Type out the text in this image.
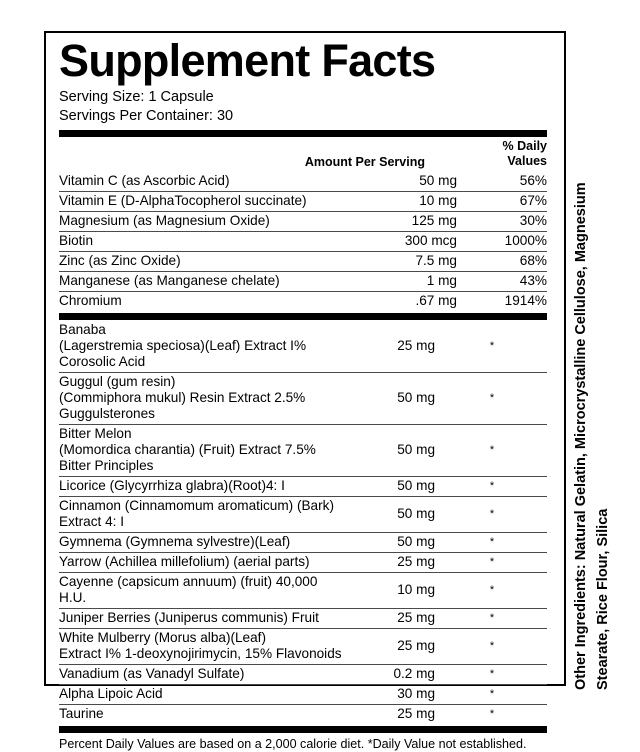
Supplement Facts
Serving Size: 1 Capsule
Servings Per Container: 30
Amount Per Serving
% Daily
Values
Vitamin C (as Ascorbic Acid)	50 mg	56%
Vitamin E (D-AlphaTocopherol succinate)	10 mg	67%
Magnesium (as Magnesium Oxide)	125 mg	30%
Biotin	300 mcg	1000%
Zinc (as Zinc Oxide)	7.5 mg	68%
Manganese (as Manganese chelate)	1 mg	43%
Chromium	.67 mg	1914%
Banaba
(Lagerstremia speciosa)(Leaf) Extract I% Corosolic Acid	25 mg	*
Guggul (gum resin)
(Commiphora mukul) Resin Extract 2.5% Guggulsterones	50 mg	*
Bitter Melon
(Momordica charantia) (Fruit) Extract 7.5% Bitter Principles	50 mg	*
Licorice (Glycyrrhiza glabra)(Root)4: I	50 mg	*
Cinnamon (Cinnamomum aromaticum) (Bark) Extract 4: I	50 mg	*
Gymnema (Gymnema sylvestre)(Leaf)	50 mg	*
Yarrow (Achillea millefolium) (aerial parts)	25 mg	*
Cayenne (capsicum annuum) (fruit) 40,000 H.U.	10 mg	*
Juniper Berries (Juniperus communis) Fruit	25 mg	*
White Mulberry (Morus alba)(Leaf)
Extract I% 1-deoxynojirimycin, 15% Flavonoids	25 mg	*
Vanadium (as Vanadyl Sulfate)	0.2 mg	*
Alpha Lipoic Acid	30 mg	*
Taurine	25 mg	*
Percent Daily Values are based on a 2,000 calorie diet. *Daily Value not established.
Other Ingredients: Natural Gelatin, Microcrystalline Cellulose, Magnesium Stearate, Rice Flour, Silica
